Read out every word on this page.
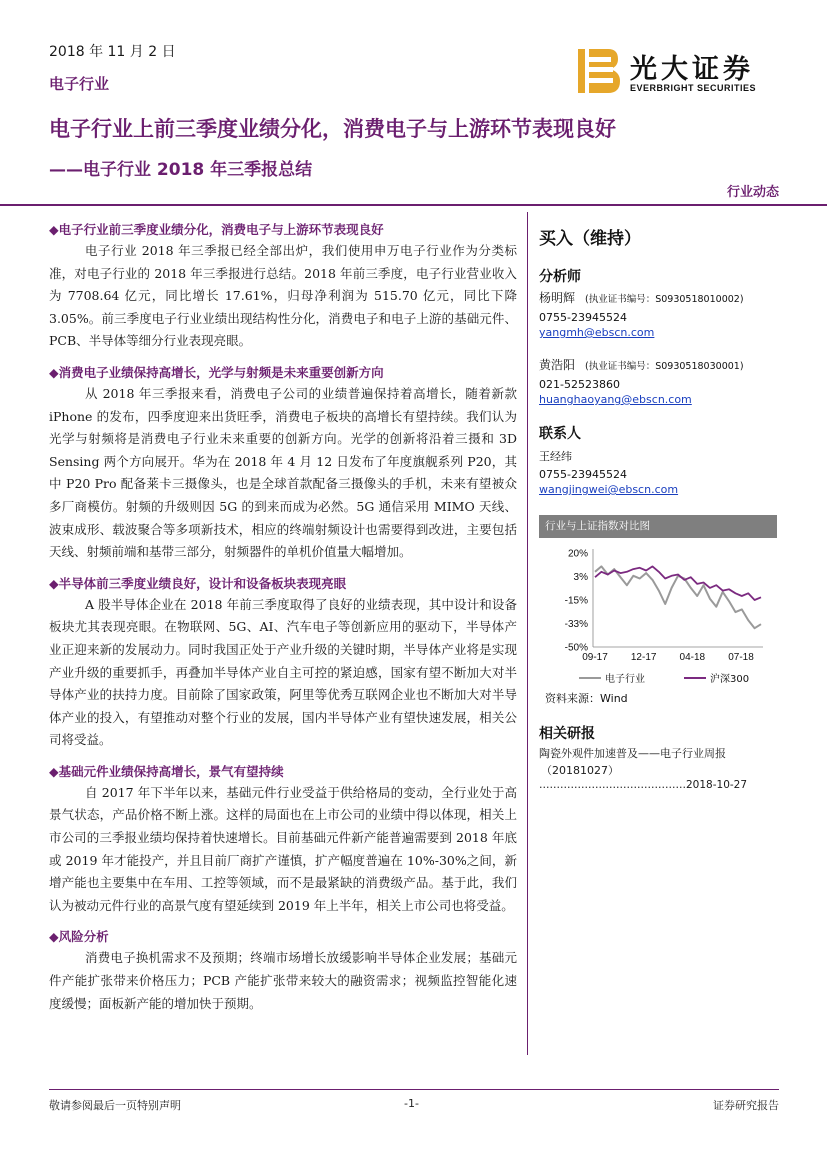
2018 年 11 月 2 日
电子行业	光大证券
EVERBRIGHT SECURITIES
电子行业上前三季度业绩分化，消费电子与上游环节表现良好
——电子行业 2018 年三季报总结
行业动态
◆电子行业前三季度业绩分化，消费电子与上游环节表现良好
电子行业 2018 年三季报已经全部出炉，我们使用申万电子行业作为分类标准，对电子行业的 2018 年三季报进行总结。2018 年前三季度，电子行业营业收入为 7708.64 亿元，同比增长 17.61%，归母净利润为 515.70 亿元，同比下降 3.05%。前三季度电子行业业绩出现结构性分化，消费电子和电子上游的基础元件、PCB、半导体等细分行业表现亮眼。
◆消费电子业绩保持高增长，光学与射频是未来重要创新方向
从 2018 年三季报来看，消费电子公司的业绩普遍保持着高增长，随着新款 iPhone 的发布，四季度迎来出货旺季，消费电子板块的高增长有望持续。我们认为光学与射频将是消费电子行业未来重要的创新方向。光学的创新将沿着三摄和 3D Sensing 两个方向展开。华为在 2018 年 4 月 12 日发布了年度旗舰系列 P20，其中 P20 Pro 配备莱卡三摄像头，也是全球首款配备三摄像头的手机，未来有望被众多厂商模仿。射频的升级则因 5G 的到来而成为必然。5G 通信采用 MIMO 天线、波束成形、载波聚合等多项新技术，相应的终端射频设计也需要得到改进，主要包括天线、射频前端和基带三部分，射频器件的单机价值量大幅增加。
◆半导体前三季度业绩良好，设计和设备板块表现亮眼
A 股半导体企业在 2018 年前三季度取得了良好的业绩表现，其中设计和设备板块尤其表现亮眼。在物联网、5G、AI、汽车电子等创新应用的驱动下，半导体产业正迎来新的发展动力。同时我国正处于产业升级的关键时期，半导体产业将是实现产业升级的重要抓手，再叠加半导体产业自主可控的紧迫感，国家有望不断加大对半导体产业的扶持力度。目前除了国家政策，阿里等优秀互联网企业也不断加大对半导体产业的投入，有望推动对整个行业的发展，国内半导体产业有望快速发展，相关公司将受益。
◆基础元件业绩保持高增长，景气有望持续
自 2017 年下半年以来，基础元件行业受益于供给格局的变动，全行业处于高景气状态，产品价格不断上涨。这样的局面也在上市公司的业绩中得以体现，相关上市公司的三季报业绩均保持着快速增长。目前基础元件新产能普遍需要到 2018 年底或 2019 年才能投产，并且目前厂商扩产谨慎，扩产幅度普遍在 10%-30%之间，新增产能也主要集中在车用、工控等领域，而不是最紧缺的消费级产品。基于此，我们认为被动元件行业的高景气度有望延续到 2019 年上半年，相关上市公司也将受益。
◆风险分析
消费电子换机需求不及预期；终端市场增长放缓影响半导体企业发展；基础元件产能扩张带来价格压力；PCB 产能扩张带来较大的融资需求；视频监控智能化速度缓慢；面板新产能的增加快于预期。
买入（维持）
分析师
杨明辉 (执业证书编号：S0930518010002)
0755-23945524
yangmh@ebscn.com
黄浩阳 (执业证书编号：S0930518030001)
021-52523860
huanghaoyang@ebscn.com
联系人
王经纬
0755-23945524
wangjingwei@ebscn.com
行业与上证指数对比图
20%
3%
-15%
-33%
-50%
09-17 12-17 04-18 07-18
电子行业	沪深300
资料来源：Wind
相关研报
陶瓷外观件加速普及——电子行业周报
（20181027）
……………………………………2018-10-27
敬请参阅最后一页特别声明	-1-	证券研究报告
